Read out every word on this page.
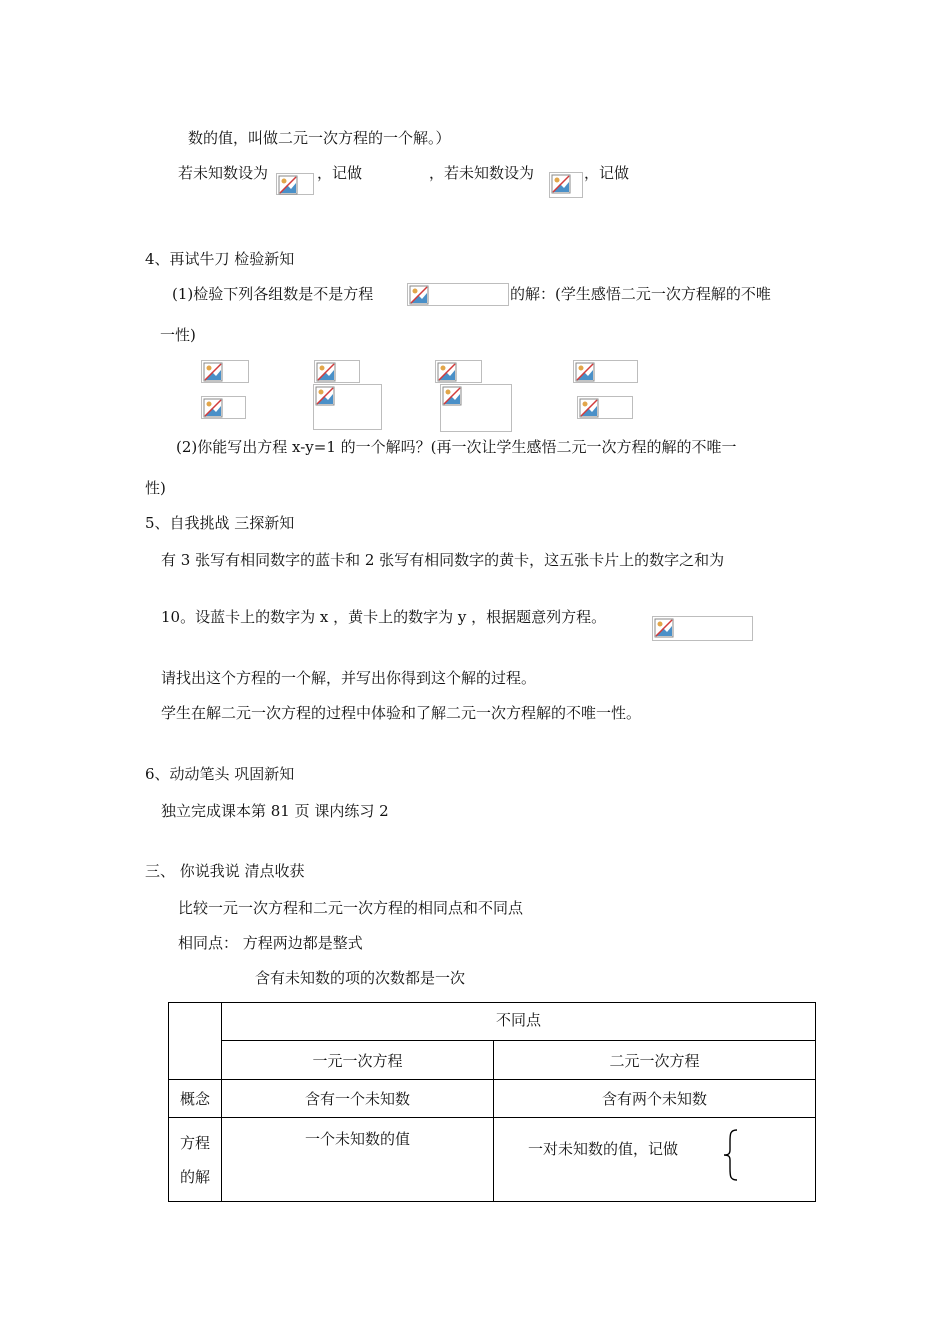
数的值，叫做二元一次方程的一个解。）
若未知数设为	，记做	，若未知数设为	，记做
4、再试牛刀 检验新知
(1)检验下列各组数是不是方程	的解：(学生感悟二元一次方程解的不唯
一性)
(2)你能写出方程 x-y=1 的一个解吗？(再一次让学生感悟二元一次方程的解的不唯一
性)
5、自我挑战 三探新知
有 3 张写有相同数字的蓝卡和 2 张写有相同数字的黄卡，这五张卡片上的数字之和为
10。设蓝卡上的数字为 x ，黄卡上的数字为 y ，根据题意列方程。
请找出这个方程的一个解，并写出你得到这个解的过程。
学生在解二元一次方程的过程中体验和了解二元一次方程解的不唯一性。
6、动动笔头 巩固新知
独立完成课本第 81 页 课内练习 2
三、 你说我说 清点收获
比较一元一次方程和二元一次方程的相同点和不同点
相同点： 方程两边都是整式
含有未知数的项的次数都是一次
	不同点	
	一元一次方程	二元一次方程
概念	含有一个未知数	含有两个未知数

方程
的解	一个未知数的值	一对未知数的值，记做
